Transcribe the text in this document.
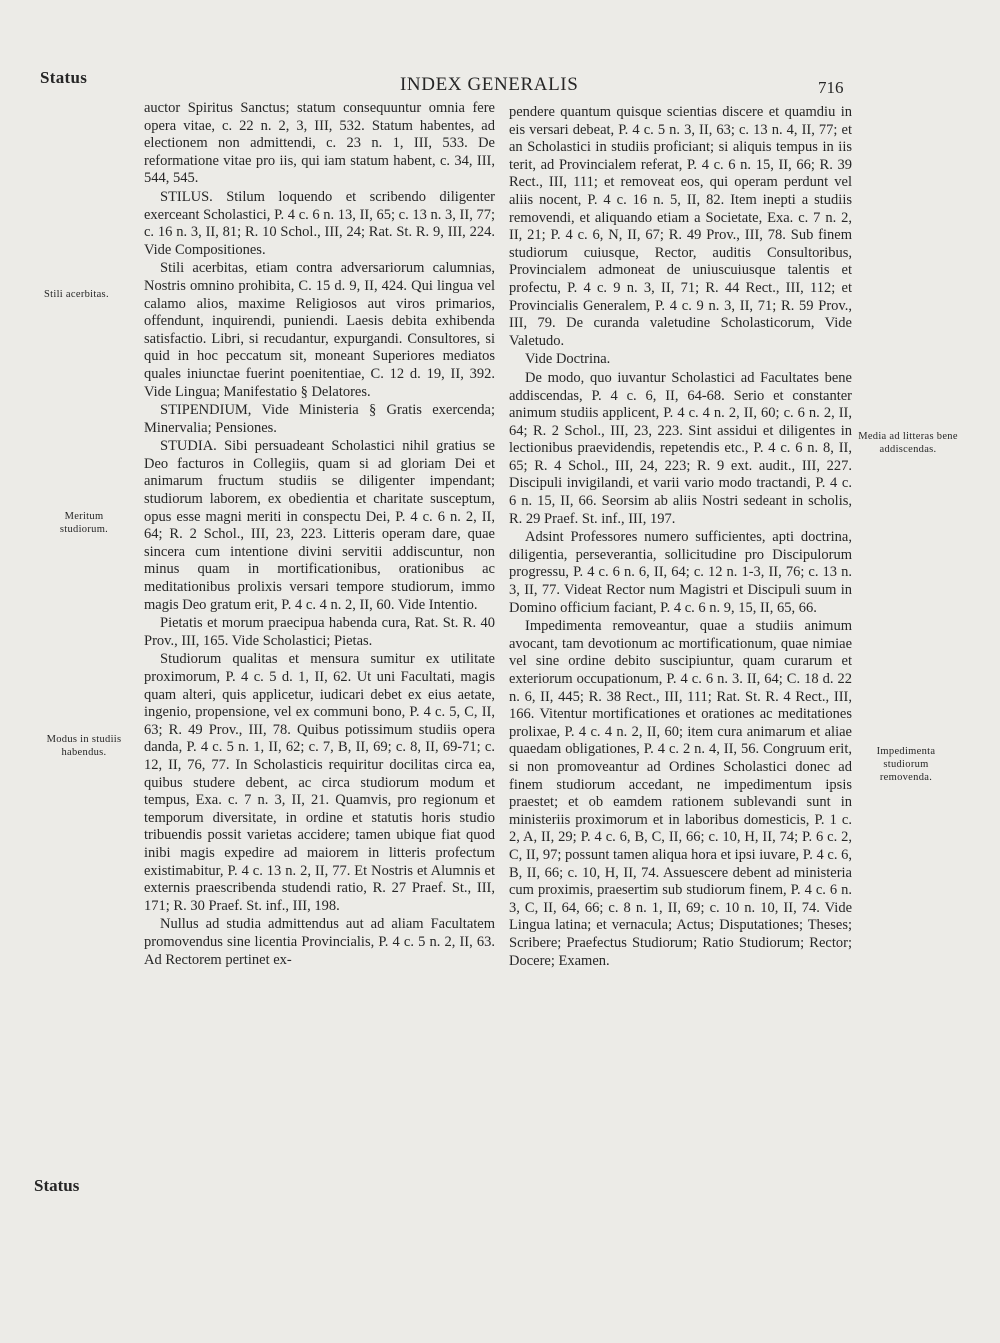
Status	INDEX GENERALIS	716
Stili acerbitas.
Meritum studiorum.
Modus in studiis habendus.
Media ad litteras bene addiscendas.
Impedimenta studiorum removenda.

auctor Spiritus Sanctus; statum consequuntur omnia fere opera vitae, c. 22 n. 2, 3, III, 532. Statum habentes, ad electionem non admittendi, c. 23 n. 1, III, 533. De reformatione vitae pro iis, qui iam statum habent, c. 34, III, 544, 545.

STILUS. Stilum loquendo et scribendo diligenter exerceant Scholastici, P. 4 c. 6 n. 13, II, 65; c. 13 n. 3, II, 77; c. 16 n. 3, II, 81; R. 10 Schol., III, 24; Rat. St. R. 9, III, 224. Vide Compositiones.

Stili acerbitas, etiam contra adversariorum calumnias, Nostris omnino prohibita, C. 15 d. 9, II, 424. Qui lingua vel calamo alios, maxime Religiosos aut viros primarios, offendunt, inquirendi, puniendi. Laesis debita exhibenda satisfactio. Libri, si recudantur, expurgandi. Consultores, si quid in hoc peccatum sit, moneant Superiores mediatos quales iniunctae fuerint poenitentiae, C. 12 d. 19, II, 392. Vide Lingua; Manifestatio § Delatores.

STIPENDIUM, Vide Ministeria § Gratis exercenda; Minervalia; Pensiones.

STUDIA. Sibi persuadeant Scholastici nihil gratius se Deo facturos in Collegiis, quam si ad gloriam Dei et animarum fructum studiis se diligenter impendant; studiorum laborem, ex obedientia et charitate susceptum, opus esse magni meriti in conspectu Dei, P. 4 c. 6 n. 2, II, 64; R. 2 Schol., III, 23, 223. Litteris operam dare, quae sincera cum intentione divini servitii addiscuntur, non minus quam in mortificationibus, orationibus ac meditationibus prolixis versari tempore studiorum, immo magis Deo gratum erit, P. 4 c. 4 n. 2, II, 60. Vide Intentio.

Pietatis et morum praecipua habenda cura, Rat. St. R. 40 Prov., III, 165. Vide Scholastici; Pietas.

Studiorum qualitas et mensura sumitur ex utilitate proximorum, P. 4 c. 5 d. 1, II, 62. Ut uni Facultati, magis quam alteri, quis applicetur, iudicari debet ex eius aetate, ingenio, propensione, vel ex communi bono, P. 4 c. 5, C, II, 63; R. 49 Prov., III, 78. Quibus potissimum studiis opera danda, P. 4 c. 5 n. 1, II, 62; c. 7, B, II, 69; c. 8, II, 69-71; c. 12, II, 76, 77. In Scholasticis requiritur docilitas circa ea, quibus studere debent, ac circa studiorum modum et tempus, Exa. c. 7 n. 3, II, 21. Quamvis, pro regionum et temporum diversitate, in ordine et statutis horis studio tribuendis possit varietas accidere; tamen ubique fiat quod inibi magis expedire ad maiorem in litteris profectum existimabitur, P. 4 c. 13 n. 2, II, 77. Et Nostris et Alumnis et externis praescribenda studendi ratio, R. 27 Praef. St., III, 171; R. 30 Praef. St. inf., III, 198.

Nullus ad studia admittendus aut ad aliam Facultatem promovendus sine licentia Provincialis, P. 4 c. 5 n. 2, II, 63. Ad Rectorem pertinet ex-

pendere quantum quisque scientias discere et quamdiu in eis versari debeat, P. 4 c. 5 n. 3, II, 63; c. 13 n. 4, II, 77; et an Scholastici in studiis proficiant; si aliquis tempus in iis terit, ad Provincialem referat, P. 4 c. 6 n. 15, II, 66; R. 39 Rect., III, 111; et removeat eos, qui operam perdunt vel aliis nocent, P. 4 c. 16 n. 5, II, 82. Item inepti a studiis removendi, et aliquando etiam a Societate, Exa. c. 7 n. 2, II, 21; P. 4 c. 6, N, II, 67; R. 49 Prov., III, 78. Sub finem studiorum cuiusque, Rector, auditis Consultoribus, Provincialem admoneat de uniuscuiusque talentis et profectu, P. 4 c. 9 n. 3, II, 71; R. 44 Rect., III, 112; et Provincialis Generalem, P. 4 c. 9 n. 3, II, 71; R. 59 Prov., III, 79. De curanda valetudine Scholasticorum, Vide Valetudo.

Vide Doctrina.

De modo, quo iuvantur Scholastici ad Facultates bene addiscendas, P. 4 c. 6, II, 64-68. Serio et constanter animum studiis applicent, P. 4 c. 4 n. 2, II, 60; c. 6 n. 2, II, 64; R. 2 Schol., III, 23, 223. Sint assidui et diligentes in lectionibus praevidendis, repetendis etc., P. 4 c. 6 n. 8, II, 65; R. 4 Schol., III, 24, 223; R. 9 ext. audit., III, 227. Discipuli invigilandi, et varii vario modo tractandi, P. 4 c. 6 n. 15, II, 66. Seorsim ab aliis Nostri sedeant in scholis, R. 29 Praef. St. inf., III, 197.

Adsint Professores numero sufficientes, apti doctrina, diligentia, perseverantia, sollicitudine pro Discipulorum progressu, P. 4 c. 6 n. 6, II, 64; c. 12 n. 1-3, II, 76; c. 13 n. 3, II, 77. Videat Rector num Magistri et Discipuli suum in Domino officium faciant, P. 4 c. 6 n. 9, 15, II, 65, 66.

Impedimenta removeantur, quae a studiis animum avocant, tam devotionum ac mortificationum, quae nimiae vel sine ordine debito suscipiuntur, quam curarum et exteriorum occupationum, P. 4 c. 6 n. 3. II, 64; C. 18 d. 22 n. 6, II, 445; R. 38 Rect., III, 111; Rat. St. R. 4 Rect., III, 166. Vitentur mortificationes et orationes ac meditationes prolixae, P. 4 c. 4 n. 2, II, 60; item cura animarum et aliae quaedam obligationes, P. 4 c. 2 n. 4, II, 56. Congruum erit, si non promoveantur ad Ordines Scholastici donec ad finem studiorum accedant, ne impedimentum ipsis praestet; et ob eamdem rationem sublevandi sunt in ministeriis proximorum et in laboribus domesticis, P. 1 c. 2, A, II, 29; P. 4 c. 6, B, C, II, 66; c. 10, H, II, 74; P. 6 c. 2, C, II, 97; possunt tamen aliqua hora et ipsi iuvare, P. 4 c. 6, B, II, 66; c. 10, H, II, 74. Assuescere debent ad ministeria cum proximis, praesertim sub studiorum finem, P. 4 c. 6 n. 3, C, II, 64, 66; c. 8 n. 1, II, 69; c. 10 n. 10, II, 74. Vide Lingua latina; et vernacula; Actus; Disputationes; Theses; Scribere; Praefectus Studiorum; Ratio Studiorum; Rector; Docere; Examen.

Status
